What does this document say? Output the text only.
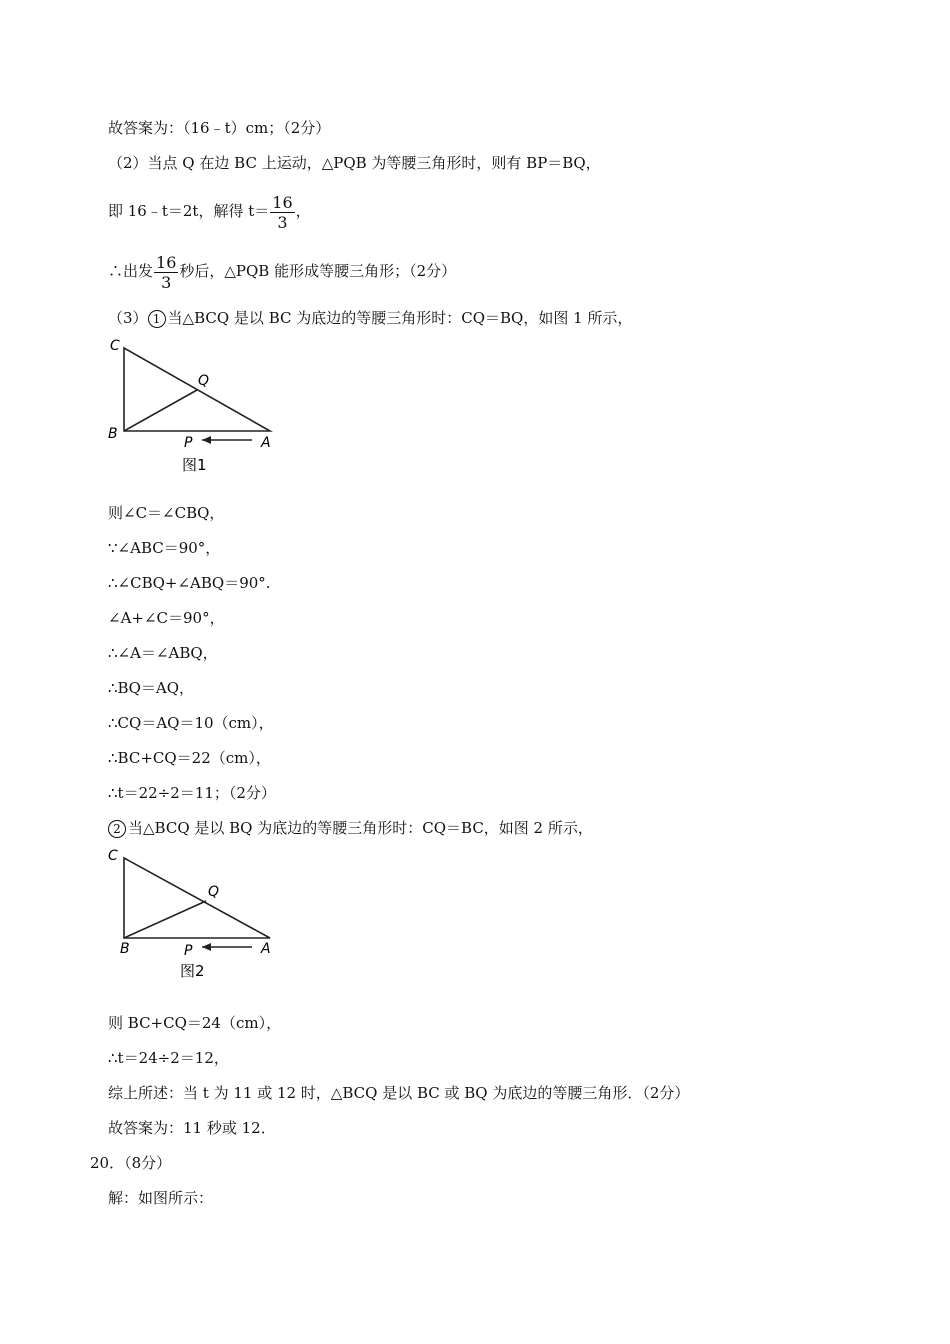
故答案为：（16﹣t）cm；（2分）
（2）当点 Q 在边 BC 上运动，△PQB 为等腰三角形时，则有 BP＝BQ，
即 16﹣t＝2t，解得 $t= \frac{16}{3}$ ，
∴出发 $\frac{16}{3}$ 秒后，△PQB 能形成等腰三角形；（2分）
（3） 1 当△BCQ 是以 BC 为底边的等腰三角形时：CQ＝BQ，如图 1 所示，
C
Q
B
P	A
图1
则∠C＝∠CBQ，
∵∠ABC＝90°，
∴∠CBQ+∠ABQ＝90°.
∠A+∠C＝90°，
∴∠A＝∠ABQ，
∴BQ＝AQ，
∴CQ＝AQ＝10（cm），
∴BC+CQ＝22（cm），
∴t＝22÷2＝11；（2分）
2 当△BCQ 是以 BQ 为底边的等腰三角形时：CQ＝BC，如图 2 所示，
C
Q
B	P	A
图2
则 BC+CQ＝24（cm），
∴t＝24÷2＝12，
综上所述：当 t 为 11 或 12 时，△BCQ 是以 BC 或 BQ 为底边的等腰三角形．（2分）
故答案为：11 秒或 12．
20．（8分）
解：如图所示：
